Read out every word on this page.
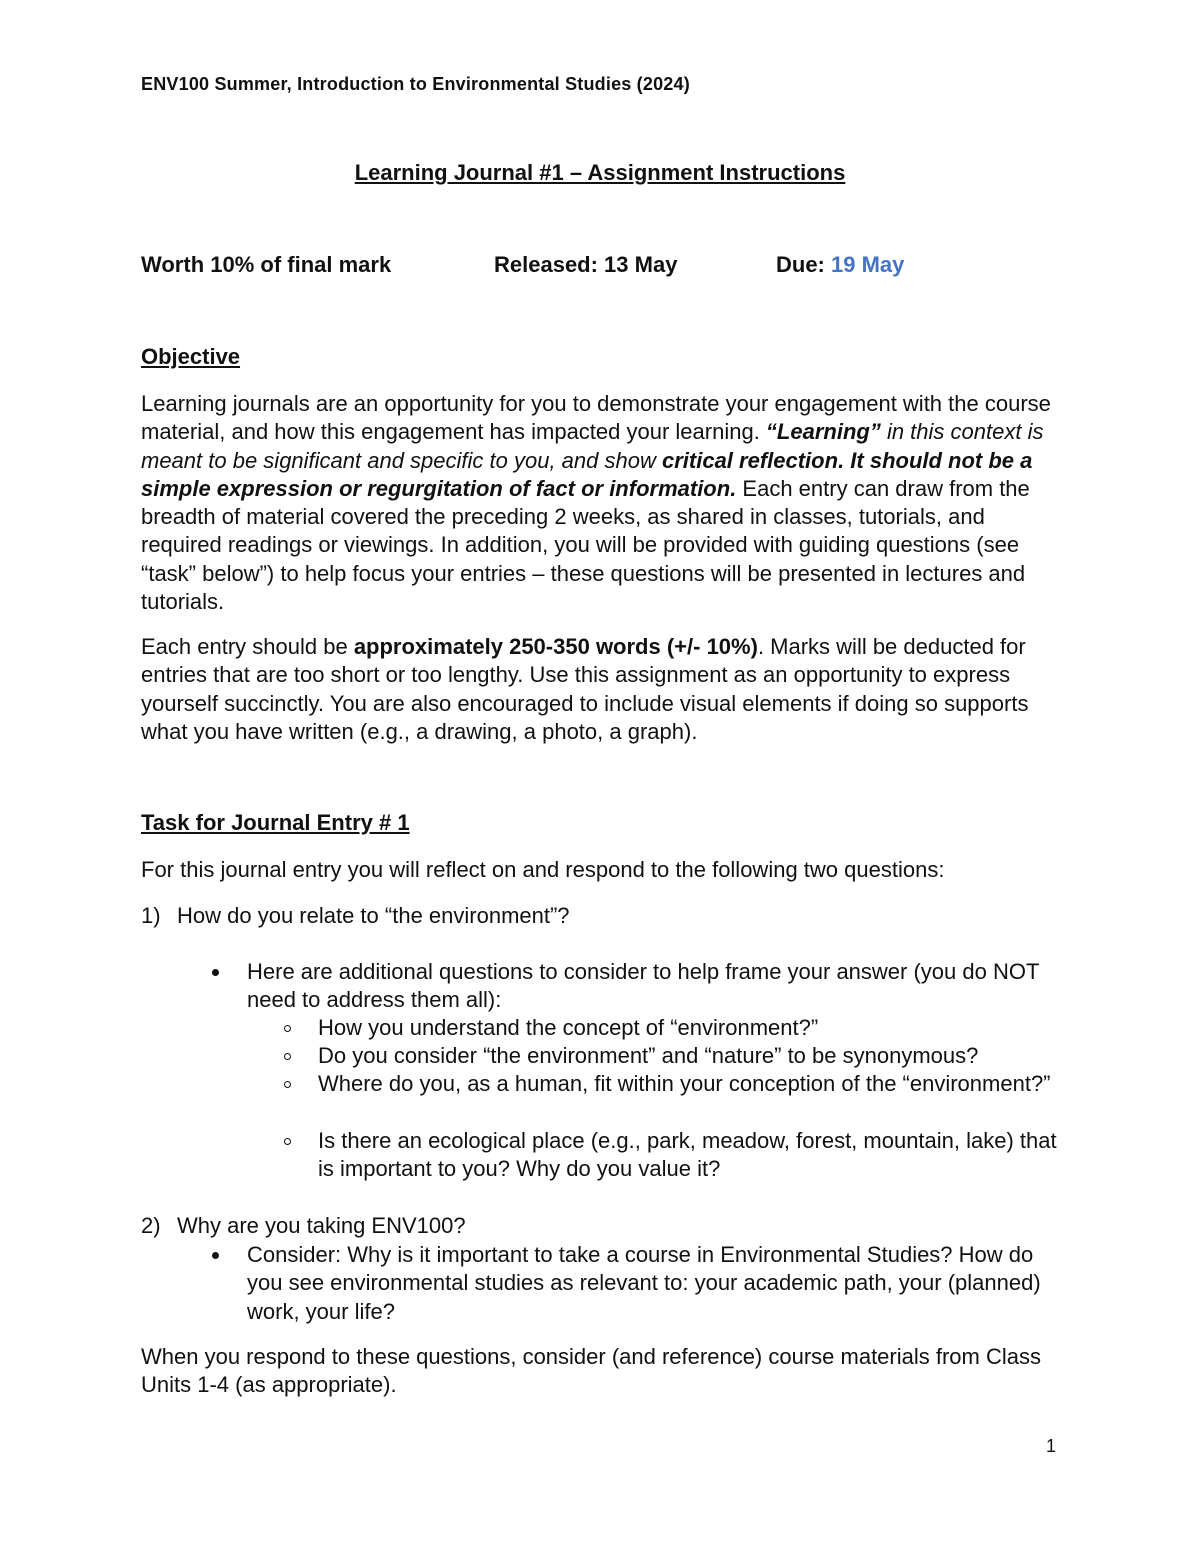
ENV100 Summer, Introduction to Environmental Studies (2024)
Learning Journal #1 – Assignment Instructions
Worth 10% of final mark	Released: 13 May	Due: 19 May
Objective

Learning journals are an opportunity for you to demonstrate your engagement with the course material, and how this engagement has impacted your learning. “Learning” in this context is meant to be significant and specific to you, and show critical reflection. It should not be a simple expression or regurgitation of fact or information. Each entry can draw from the breadth of material covered the preceding 2 weeks, as shared in classes, tutorials, and required readings or viewings. In addition, you will be provided with guiding questions (see “task” below”) to help focus your entries – these questions will be presented in lectures and tutorials.

Each entry should be approximately 250-350 words (+/- 10%). Marks will be deducted for entries that are too short or too lengthy. Use this assignment as an opportunity to express yourself succinctly. You are also encouraged to include visual elements if doing so supports what you have written (e.g., a drawing, a photo, a graph).

Task for Journal Entry # 1

For this journal entry you will reflect on and respond to the following two questions:

1) How do you relate to “the environment”?
Here are additional questions to consider to help frame your answer (you do NOT need to address them all):
How you understand the concept of “environment?”
Do you consider “the environment” and “nature” to be synonymous?
Where do you, as a human, fit within your conception of the “environment?”
Is there an ecological place (e.g., park, meadow, forest, mountain, lake) that is important to you? Why do you value it?
2) Why are you taking ENV100?
Consider: Why is it important to take a course in Environmental Studies? How do you see environmental studies as relevant to: your academic path, your (planned) work, your life?

When you respond to these questions, consider (and reference) course materials from Class Units 1-4 (as appropriate).

1
